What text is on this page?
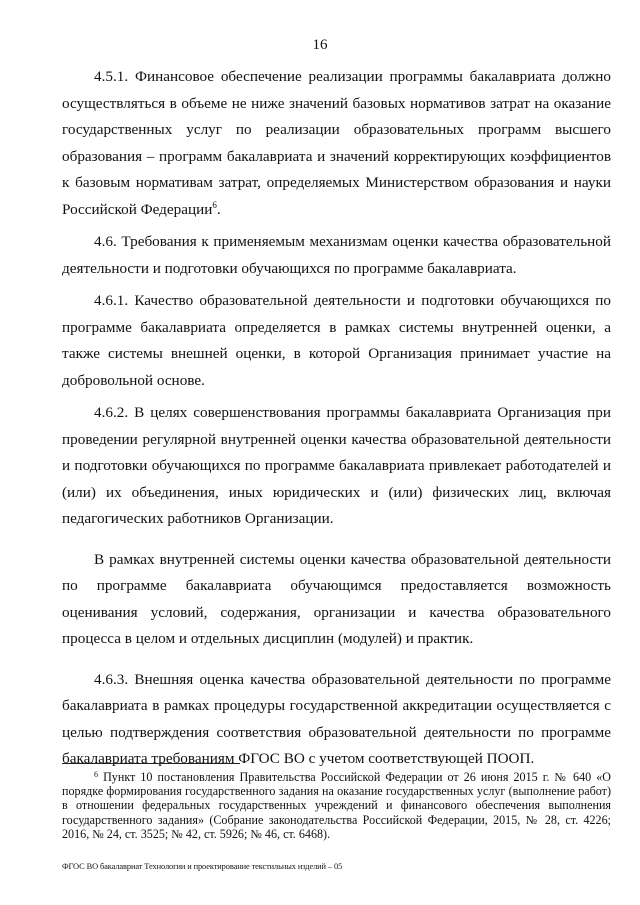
16

4.5.1. Финансовое обеспечение реализации программы бакалавриата должно осуществляться в объеме не ниже значений базовых нормативов затрат на оказание государственных услуг по реализации образовательных программ высшего образования – программ бакалавриата и значений корректирующих коэффициентов к базовым нормативам затрат, определяемых Министерством образования и науки Российской Федерации$^6$.

4.6. Требования к применяемым механизмам оценки качества образовательной деятельности и подготовки обучающихся по программе бакалавриата.

4.6.1. Качество образовательной деятельности и подготовки обучающихся по программе бакалавриата определяется в рамках системы внутренней оценки, а также системы внешней оценки, в которой Организация принимает участие на добровольной основе.

4.6.2. В целях совершенствования программы бакалавриата Организация при проведении регулярной внутренней оценки качества образовательной деятельности и подготовки обучающихся по программе бакалавриата привлекает работодателей и (или) их объединения, иных юридических и (или) физических лиц, включая педагогических работников Организации.

В рамках внутренней системы оценки качества образовательной деятельности по программе бакалавриата обучающимся предоставляется возможность оценивания условий, содержания, организации и качества образовательного процесса в целом и отдельных дисциплин (модулей) и практик.

4.6.3. Внешняя оценка качества образовательной деятельности по программе бакалавриата в рамках процедуры государственной аккредитации осуществляется с целью подтверждения соответствия образовательной деятельности по программе бакалавриата требованиям ФГОС ВО с учетом соответствующей ПООП.

$^6$ Пункт 10 постановления Правительства Российской Федерации от 26 июня 2015 г. № 640 «О порядке формирования государственного задания на оказание государственных услуг (выполнение работ) в отношении федеральных государственных учреждений и финансового обеспечения выполнения государственного задания» (Собрание законодательства Российской Федерации, 2015, № 28, ст. 4226; 2016, № 24, ст. 3525; № 42, ст. 5926; № 46, ст. 6468).

ФГОС ВО бакалавриат Технологии и проектирование текстильных изделий – 05
